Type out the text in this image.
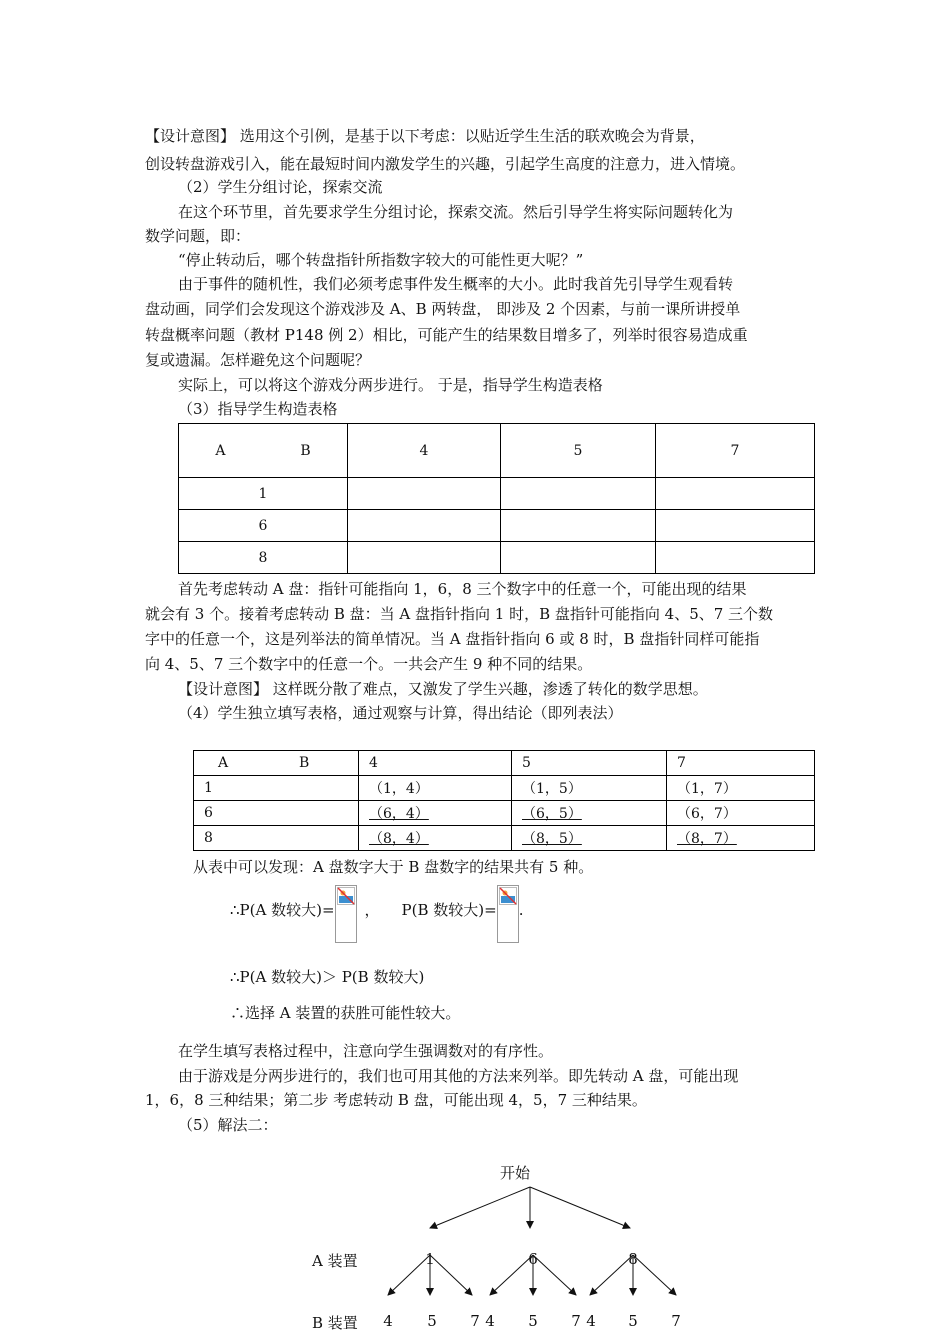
【设计意图】 选用这个引例，是基于以下考虑：以贴近学生生活的联欢晚会为背景，
创设转盘游戏引入，能在最短时间内激发学生的兴趣，引起学生高度的注意力，进入情境。
（2）学生分组讨论，探索交流
在这个环节里，首先要求学生分组讨论，探索交流。然后引导学生将实际问题转化为
数学问题，即：
“停止转动后，哪个转盘指针所指数字较大的可能性更大呢？”
由于事件的随机性，我们必须考虑事件发生概率的大小。此时我首先引导学生观看转
盘动画，同学们会发现这个游戏涉及 A、B 两转盘， 即涉及 2 个因素，与前一课所讲授单
转盘概率问题（教材 P148 例 2）相比，可能产生的结果数目增多了，列举时很容易造成重
复或遗漏。怎样避免这个问题呢？
实际上，可以将这个游戏分两步进行。 于是，指导学生构造表格
（3）指导学生构造表格
A B	4	5	7
1			
6			
8			
首先考虑转动 A 盘：指针可能指向 1，6，8 三个数字中的任意一个，可能出现的结果
就会有 3 个。接着考虑转动 B 盘：当 A 盘指针指向 1 时，B 盘指针可能指向 4、5、7 三个数
字中的任意一个，这是列举法的简单情况。当 A 盘指针指向 6 或 8 时，B 盘指针同样可能指
向 4、5、7 三个数字中的任意一个。一共会产生 9 种不同的结果。
【设计意图】 这样既分散了难点，又激发了学生兴趣，渗透了转化的数学思想。
（4）学生独立填写表格，通过观察与计算，得出结论（即列表法）
A B	4	5	7
1	（1，4）	（1，5）	（1，7）
6	（6，4）	（6，5）	（6，7）
8	（8，4）	（8，5）	（8，7）
从表中可以发现：A 盘数字大于 B 盘数字的结果共有 5 种。
∴P(A 数较大)= ， P(B 数较大)= .
∴P(A 数较大)＞ P(B 数较大)
∴选择 A 装置的获胜可能性较大。
在学生填写表格过程中，注意向学生强调数对的有序性。
由于游戏是分两步进行的，我们也可用其他的方法来列举。即先转动 A 盘，可能出现
1，6，8 三种结果；第二步 考虑转动 B 盘，可能出现 4，5，7 三种结果。
（5）解法二：
开始
A 装置	1	6	8
B 装置 4 5 7 4 5 7 4 5 7
